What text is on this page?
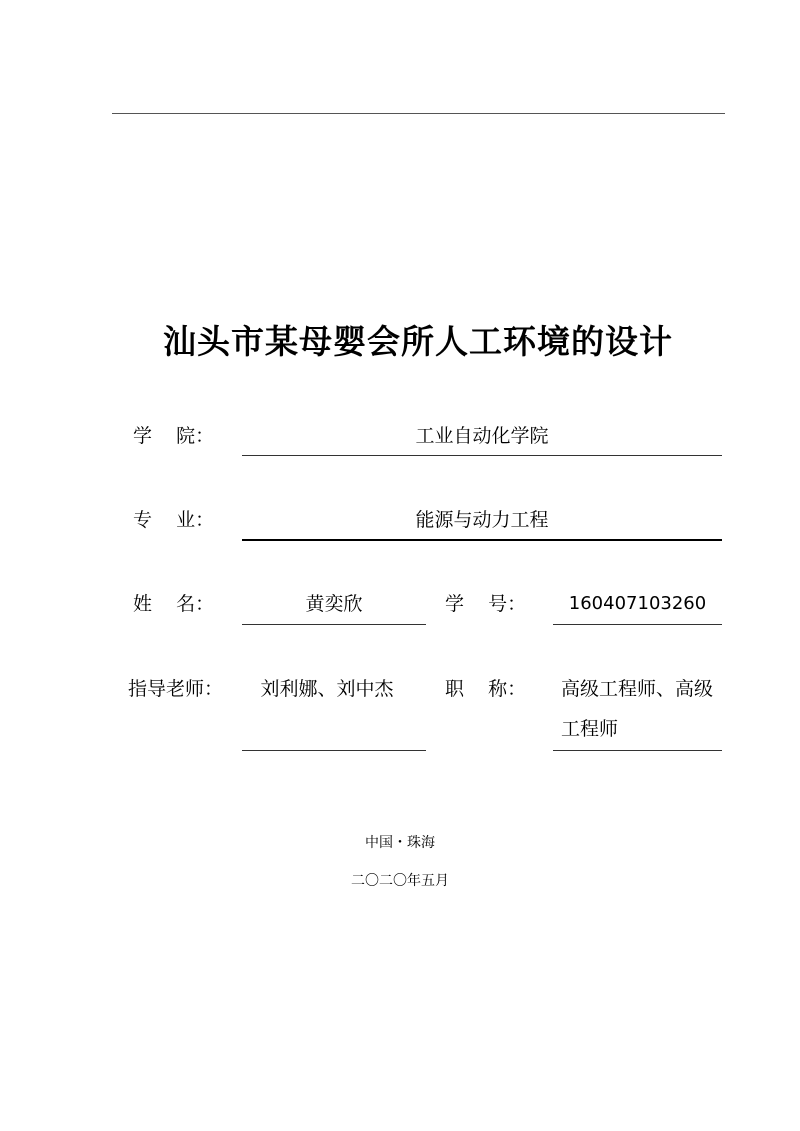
汕头市某母婴会所人工环境的设计
学    院：	工业自动化学院
专    业：	能源与动力工程
姓    名：	黄奕欣	学    号：	160407103260
指导老师：	刘利娜、刘中杰	职    称： 高级工程师、高级工程师
中国・珠海
二〇二〇年五月
